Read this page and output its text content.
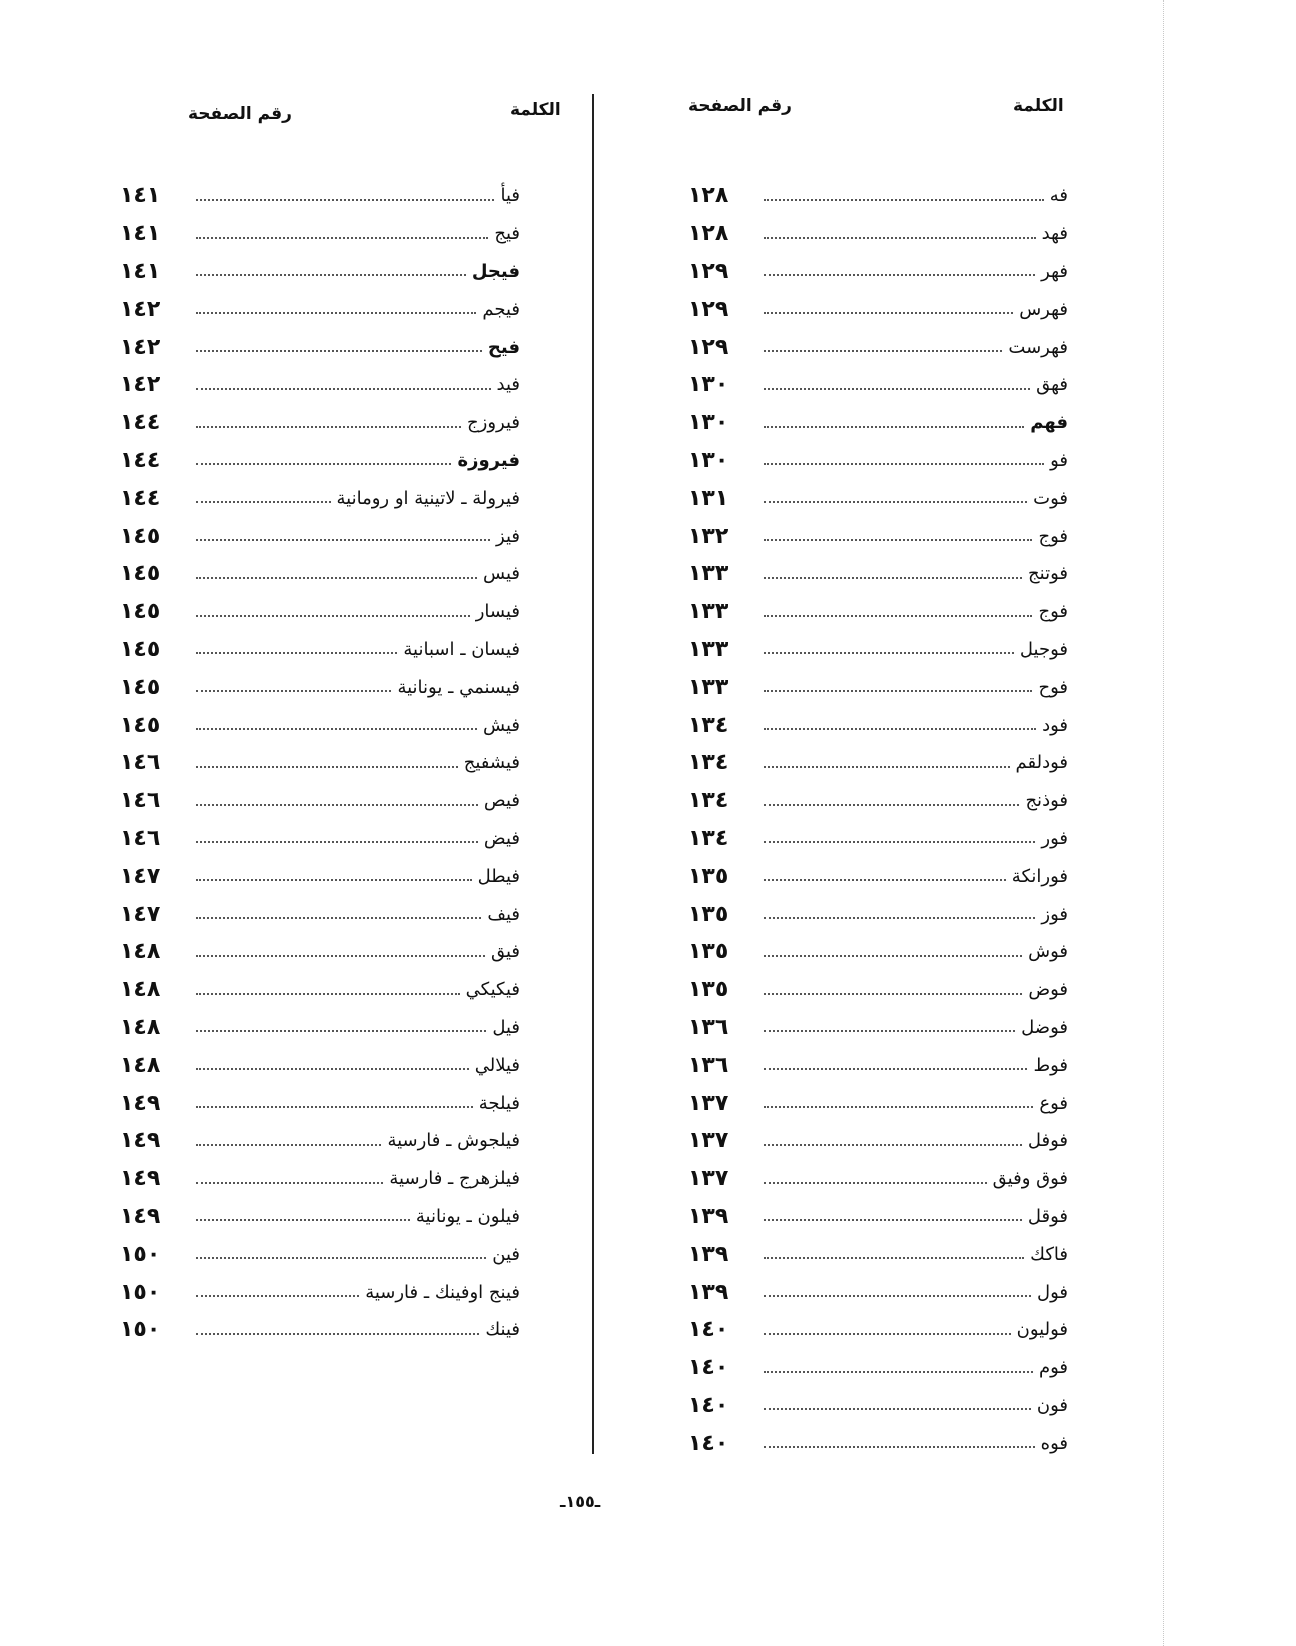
الكلمة
رقم الصفحة
١٢٨	فه
١٢٨	فهد
١٢٩	فهر
١٢٩	فهرس
١٢٩	فهرست
١٣٠	فهق
١٣٠	فهم
١٣٠	فو
١٣١	فوت
١٣٢	فوج
١٣٣	فوتنج
١٣٣	فوج
١٣٣	فوجيل
١٣٣	فوح
١٣٤	فود
١٣٤	فودلقم
١٣٤	فوذنج
١٣٤	فور
١٣٥	فورانكة
١٣٥	فوز
١٣٥	فوش
١٣٥	فوض
١٣٦	فوضل
١٣٦	فوط
١٣٧	فوع
١٣٧	فوفل
١٣٧	فوق وفيق
١٣٩	فوقل
١٣٩	فاكك
١٣٩	فول
١٤٠	فوليون
١٤٠	فوم
١٤٠	فون
١٤٠	فوه
الكلمة
رقم الصفحة
١٤١	فيأ
١٤١	فيج
١٤١	فيجل
١٤٢	فيجم
١٤٢	فيح
١٤٢	فيد
١٤٤	فيروزج
١٤٤	فيروزة
١٤٤	فيرولة ـ لاتينية او رومانية
١٤٥	فيز
١٤٥	فيس
١٤٥	فيسار
١٤٥	فيسان ـ اسبانية
١٤٥	فيسنمي ـ يونانية
١٤٥	فيش
١٤٦	فيشفيج
١٤٦	فيص
١٤٦	فيض
١٤٧	فيطل
١٤٧	فيف
١٤٨	فيق
١٤٨	فيكيكي
١٤٨	فيل
١٤٨	فيلالي
١٤٩	فيلجة
١٤٩	فيلجوش ـ فارسية
١٤٩	فيلزهرج ـ فارسية
١٤٩	فيلون ـ يونانية
١٥٠	فين
١٥٠	فينج اوفينك ـ فارسية
١٥٠	فينك
ـ١٥٥ـ
